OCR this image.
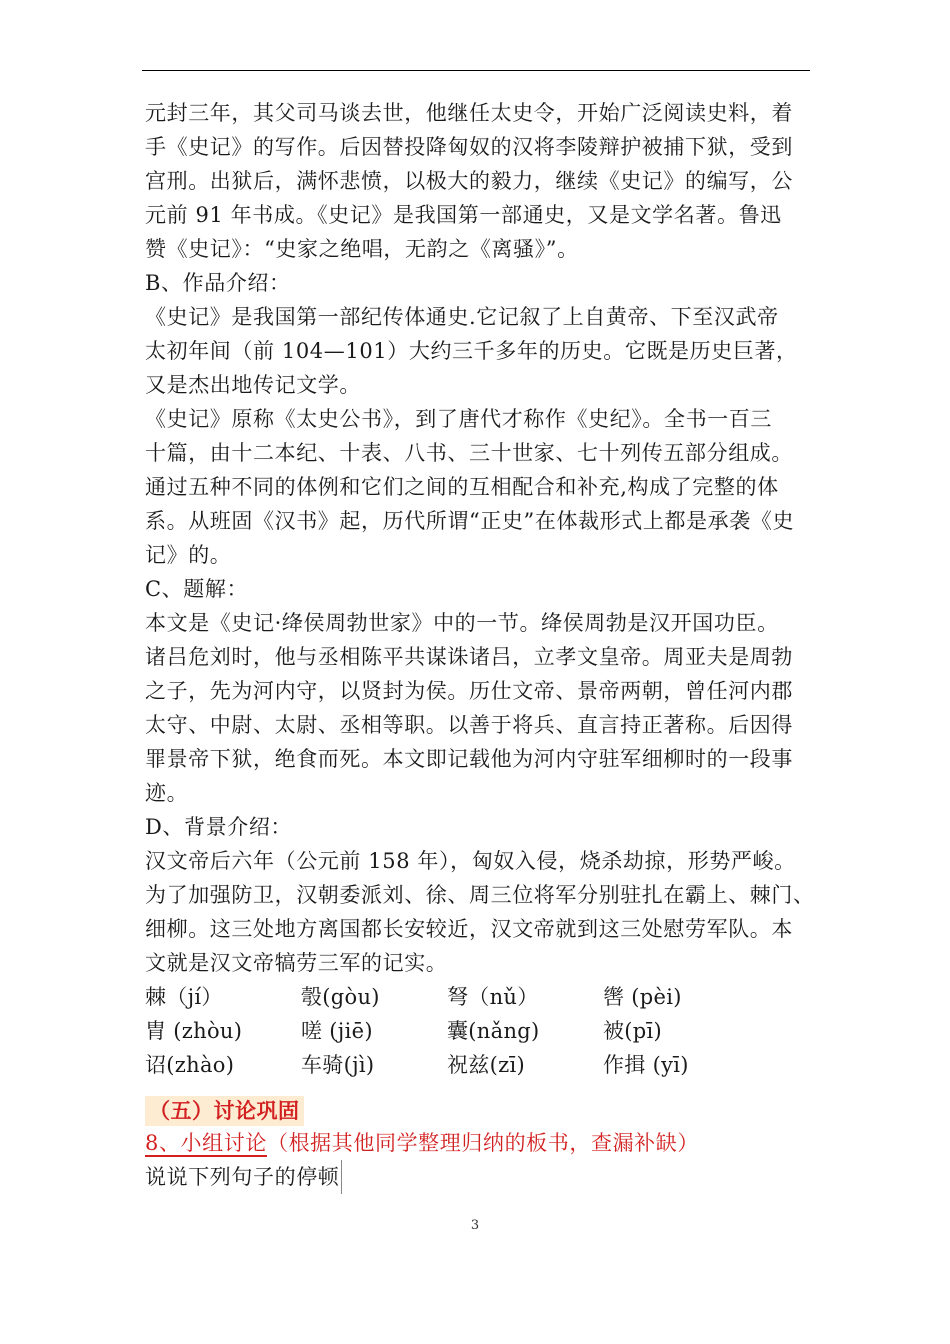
元封三年，其父司马谈去世，他继任太史令，开始广泛阅读史料，着
手《史记》的写作。后因替投降匈奴的汉将李陵辩护被捕下狱，受到
宫刑。出狱后，满怀悲愤，以极大的毅力，继续《史记》的编写，公
元前 91 年书成。《史记》是我国第一部通史，又是文学名著。鲁迅
赞《史记》：“史家之绝唱，无韵之《离骚》”。
B、作品介绍：
《史记》是我国第一部纪传体通史.它记叙了上自黄帝、下至汉武帝
太初年间（前 104—101）大约三千多年的历史。它既是历史巨著，
又是杰出地传记文学。
《史记》原称《太史公书》，到了唐代才称作《史纪》。全书一百三
十篇，由十二本纪、十表、八书、三十世家、七十列传五部分组成。
通过五种不同的体例和它们之间的互相配合和补充,构成了完整的体
系。从班固《汉书》起，历代所谓“正史”在体裁形式上都是承袭《史
记》的。
C、题解：
本文是《史记·绛侯周勃世家》中的一节。绛侯周勃是汉开国功臣。
诸吕危刘时，他与丞相陈平共谋诛诸吕，立孝文皇帝。周亚夫是周勃
之子，先为河内守，以贤封为侯。历仕文帝、景帝两朝，曾任河内郡
太守、中尉、太尉、丞相等职。以善于将兵、直言持正著称。后因得
罪景帝下狱，绝食而死。本文即记载他为河内守驻军细柳时的一段事
迹。
D、背景介绍：
汉文帝后六年（公元前 158 年），匈奴入侵，烧杀劫掠，形势严峻。
为了加强防卫，汉朝委派刘、徐、周三位将军分别驻扎在霸上、棘门、
细柳。这三处地方离国都长安较近，汉文帝就到这三处慰劳军队。本
文就是汉文帝犒劳三军的记实。
棘（jí）	彀(gòu)	弩（nǔ）	辔 (pèi)
胄 (zhòu)	嗟 (jiē)	囊(nǎng)	被(pī)
诏(zhào)	车骑(jì)	祝兹(zī)	作揖 (yī)
（五）讨论巩固
8、小组讨论（根据其他同学整理归纳的板书，查漏补缺）
说说下列句子的停顿
3
